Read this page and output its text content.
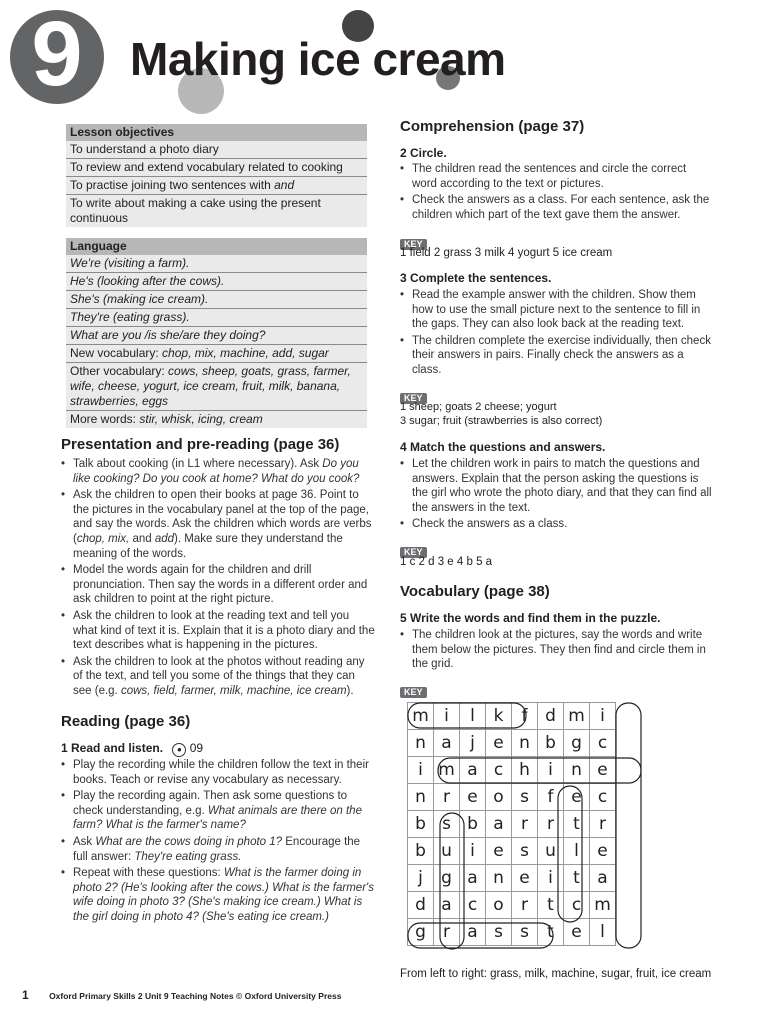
9	Making ice cream
Lesson objectives
To understand a photo diary
To review and extend vocabulary related to cooking
To practise joining two sentences with and
To write about making a cake using the present continuous
Language
We're (visiting a farm).
He's (looking after the cows).
She's (making ice cream).
They're (eating grass).
What are you /is she/are they doing?
New vocabulary: chop, mix, machine, add, sugar
Other vocabulary: cows, sheep, goats, grass, farmer, wife, cheese, yogurt, ice cream, fruit, milk, banana, strawberries, eggs
More words: stir, whisk, icing, cream
Presentation and pre-reading (page 36)
• Talk about cooking (in L1 where necessary). Ask Do you like cooking? Do you cook at home? What do you cook?
• Ask the children to open their books at page 36. Point to the pictures in the vocabulary panel at the top of the page, and say the words. Ask the children which words are verbs (chop, mix, and add). Make sure they understand the meaning of the words.
• Model the words again for the children and drill pronunciation. Then say the words in a different order and ask children to point at the right picture.
• Ask the children to look at the reading text and tell you what kind of text it is. Explain that it is a photo diary and the text describes what is happening in the pictures.
• Ask the children to look at the photos without reading any of the text, and tell you some of the things that they can see (e.g. cows, field, farmer, milk, machine, ice cream).
Reading (page 36)
1 Read and listen. ● 09
• Play the recording while the children follow the text in their books. Teach or revise any vocabulary as necessary.
• Play the recording again. Then ask some questions to check understanding, e.g. What animals are there on the farm? What is the farmer's name?
• Ask What are the cows doing in photo 1? Encourage the full answer: They're eating grass.
• Repeat with these questions: What is the farmer doing in photo 2? (He's looking after the cows.) What is the farmer's wife doing in photo 3? (She's making ice cream.) What is the girl doing in photo 4? (She's eating ice cream.)
Comprehension (page 37)
2 Circle.
• The children read the sentences and circle the correct word according to the text or pictures.
• Check the answers as a class. For each sentence, ask the children which part of the text gave them the answer.
KEY
1 field 2 grass 3 milk 4 yogurt 5 ice cream
3 Complete the sentences.
• Read the example answer with the children. Show them how to use the small picture next to the sentence to fill in the gaps. They can also look back at the reading text.
• The children complete the exercise individually, then check their answers in pairs. Finally check the answers as a class.
KEY
1 sheep; goats 2 cheese; yogurt
3 sugar; fruit (strawberries is also correct)
4 Match the questions and answers.
• Let the children work in pairs to match the questions and answers. Explain that the person asking the questions is the girl who wrote the photo diary, and that they can find all the answers in the text.
• Check the answers as a class.
KEY
1 c 2 d 3 e 4 b 5 a
Vocabulary (page 38)
5 Write the words and find them in the puzzle.
• The children look at the pictures, say the words and write them below the pictures. They then find and circle them in the grid.
KEY
m	i	l	k	f	d	m	i
n	a	j	e	n	b	g	c
i	m	a	c	h	i	n	e
n	r	e	o	s	f	e	c
b	s	b	a	r	r	t	r
b	u	i	e	s	u	l	e
j	g	a	n	e	i	t	a
d	a	c	o	r	t	c	m
g	r	a	s	s	t	e	l
From left to right: grass, milk, machine, sugar, fruit, ice cream
1 Oxford Primary Skills 2 Unit 9 Teaching Notes © Oxford University Press
